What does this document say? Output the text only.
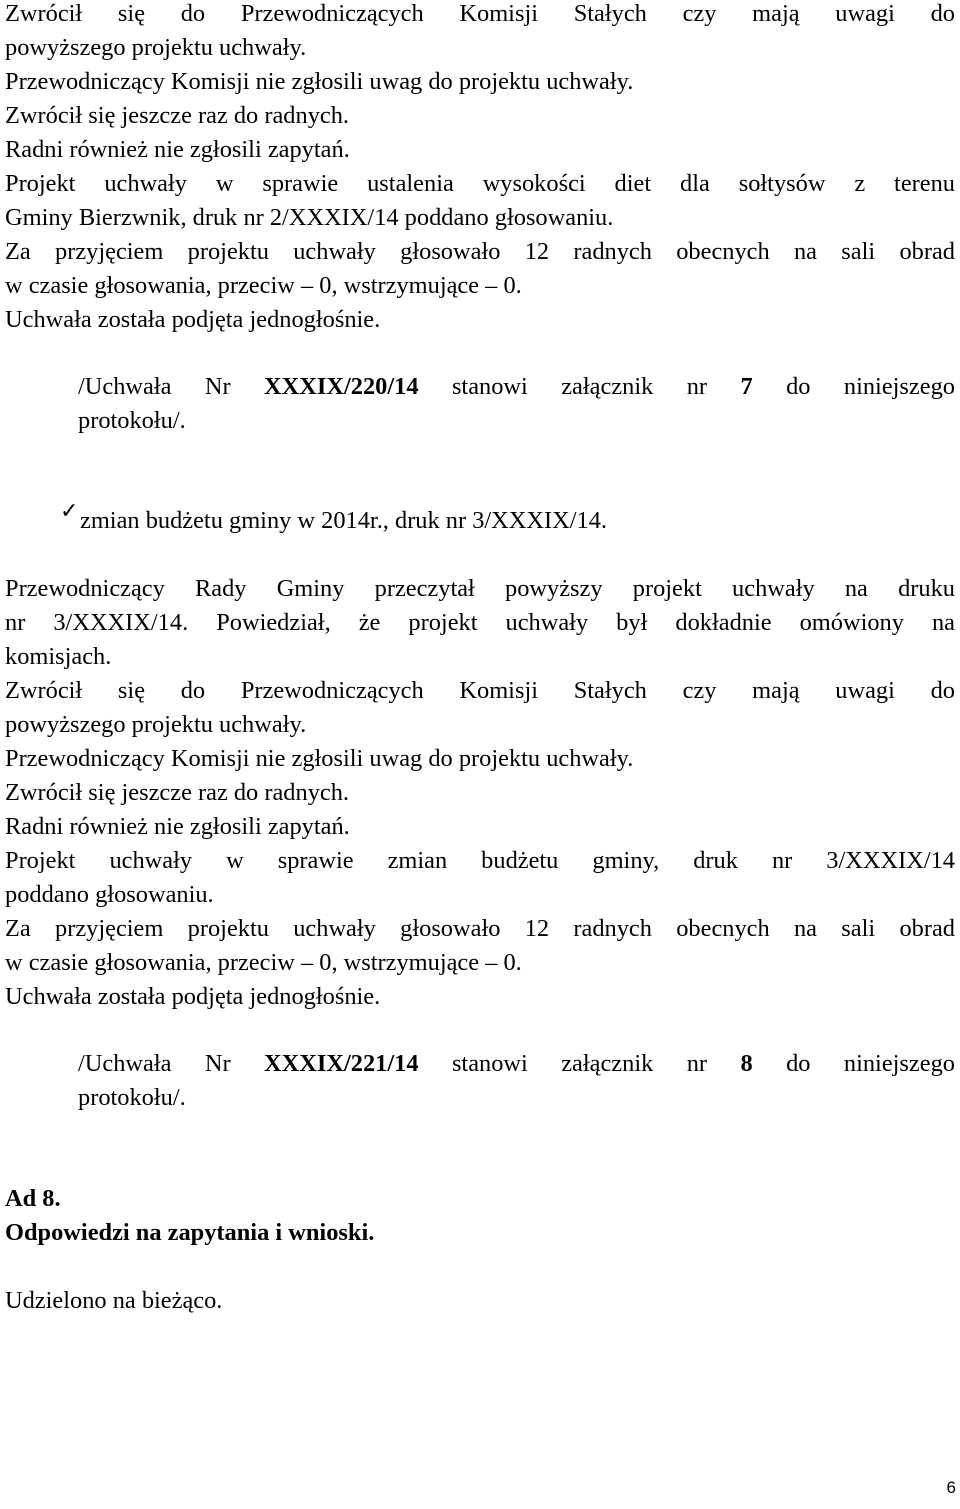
Zwrócił się do Przewodniczących Komisji Stałych czy mają uwagi do
powyższego projektu uchwały.
Przewodniczący Komisji nie zgłosili uwag do projektu uchwały.
Zwrócił się jeszcze raz do radnych.
Radni również nie zgłosili zapytań.
Projekt uchwały w sprawie ustalenia wysokości diet dla sołtysów z terenu
Gminy Bierzwnik, druk nr 2/XXXIX/14 poddano głosowaniu.
Za przyjęciem projektu uchwały głosowało 12 radnych obecnych na sali obrad
w czasie głosowania, przeciw – 0, wstrzymujące – 0.
Uchwała została podjęta jednogłośnie.
/Uchwała Nr XXXIX/220/14 stanowi załącznik nr 7 do niniejszego
protokołu/.
✓ zmian budżetu gminy w 2014r., druk nr 3/XXXIX/14.
Przewodniczący Rady Gminy przeczytał powyższy projekt uchwały na druku
nr 3/XXXIX/14. Powiedział, że projekt uchwały był dokładnie omówiony na
komisjach.
Zwrócił się do Przewodniczących Komisji Stałych czy mają uwagi do
powyższego projektu uchwały.
Przewodniczący Komisji nie zgłosili uwag do projektu uchwały.
Zwrócił się jeszcze raz do radnych.
Radni również nie zgłosili zapytań.
Projekt uchwały w sprawie zmian budżetu gminy, druk nr 3/XXXIX/14
poddano głosowaniu.
Za przyjęciem projektu uchwały głosowało 12 radnych obecnych na sali obrad
w czasie głosowania, przeciw – 0, wstrzymujące – 0.
Uchwała została podjęta jednogłośnie.
/Uchwała Nr XXXIX/221/14 stanowi załącznik nr 8 do niniejszego
protokołu/.
Ad 8.
Odpowiedzi na zapytania i wnioski.
Udzielono na bieżąco.
6
